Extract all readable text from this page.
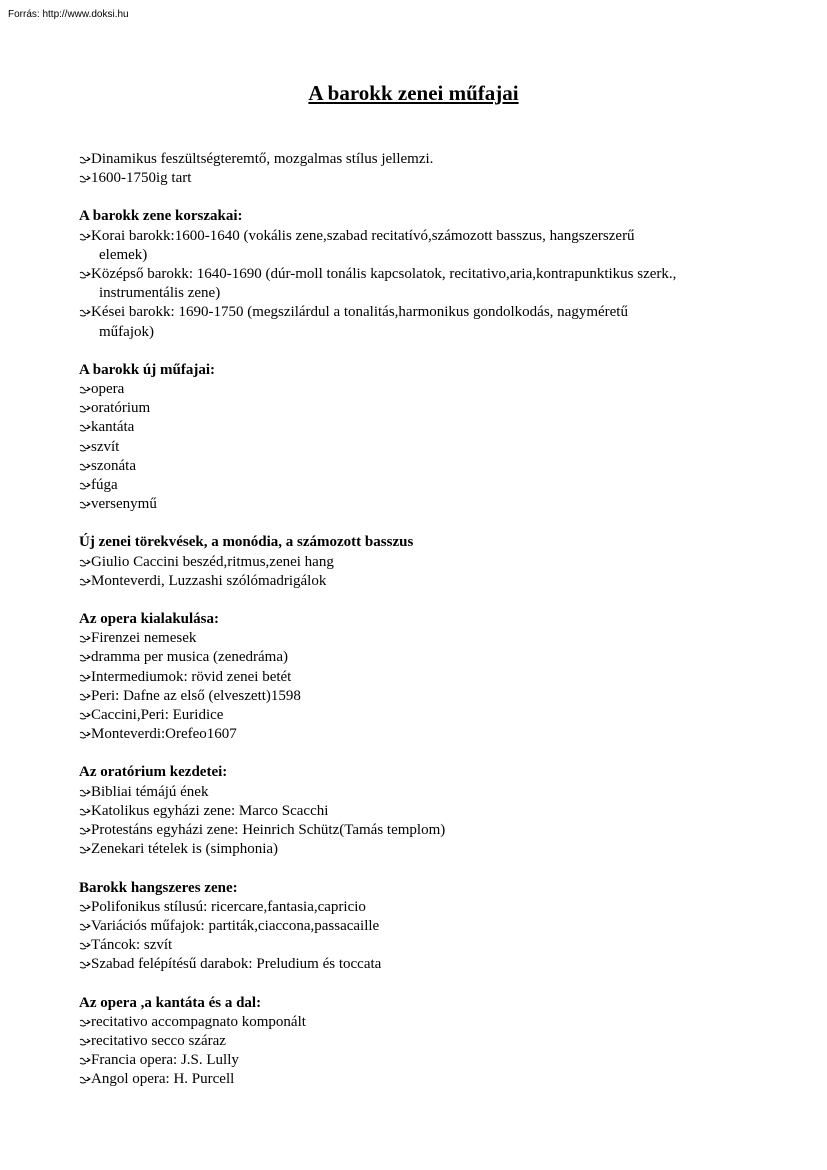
Forrás: http://www.doksi.hu
A barokk zenei műfajai
Dinamikus feszültségteremtő, mozgalmas stílus jellemzi.
1600-1750ig tart
A barokk zene korszakai:
Korai barokk:1600-1640 (vokális zene,szabad recitatívó,számozott basszus, hangszerszerű
elemek)
Középső barokk: 1640-1690 (dúr-moll tonális kapcsolatok, recitativo,aria,kontrapunktikus szerk.,
instrumentális zene)
Kései barokk: 1690-1750 (megszilárdul a tonalitás,harmonikus gondolkodás, nagyméretű
műfajok)
A barokk új műfajai:
opera
oratórium
kantáta
szvít
szonáta
fúga
versenymű
Új zenei törekvések, a monódia, a számozott basszus
Giulio Caccini beszéd,ritmus,zenei hang
Monteverdi, Luzzashi szólómadrigálok
Az opera kialakulása:
Firenzei nemesek
dramma per musica (zenedráma)
Intermediumok: rövid zenei betét
Peri: Dafne az első (elveszett)1598
Caccini,Peri: Euridice
Monteverdi:Orefeo1607
Az oratórium kezdetei:
Bibliai témájú ének
Katolikus egyházi zene: Marco Scacchi
Protestáns egyházi zene: Heinrich Schütz(Tamás templom)
Zenekari tételek is (simphonia)
Barokk hangszeres zene:
Polifonikus stílusú: ricercare,fantasia,capricio
Variációs műfajok: partiták,ciaccona,passacaille
Táncok: szvít
Szabad felépítésű darabok: Preludium és toccata
Az opera ,a kantáta és a dal:
recitativo accompagnato komponált
recitativo secco száraz
Francia opera: J.S. Lully
Angol opera: H. Purcell
